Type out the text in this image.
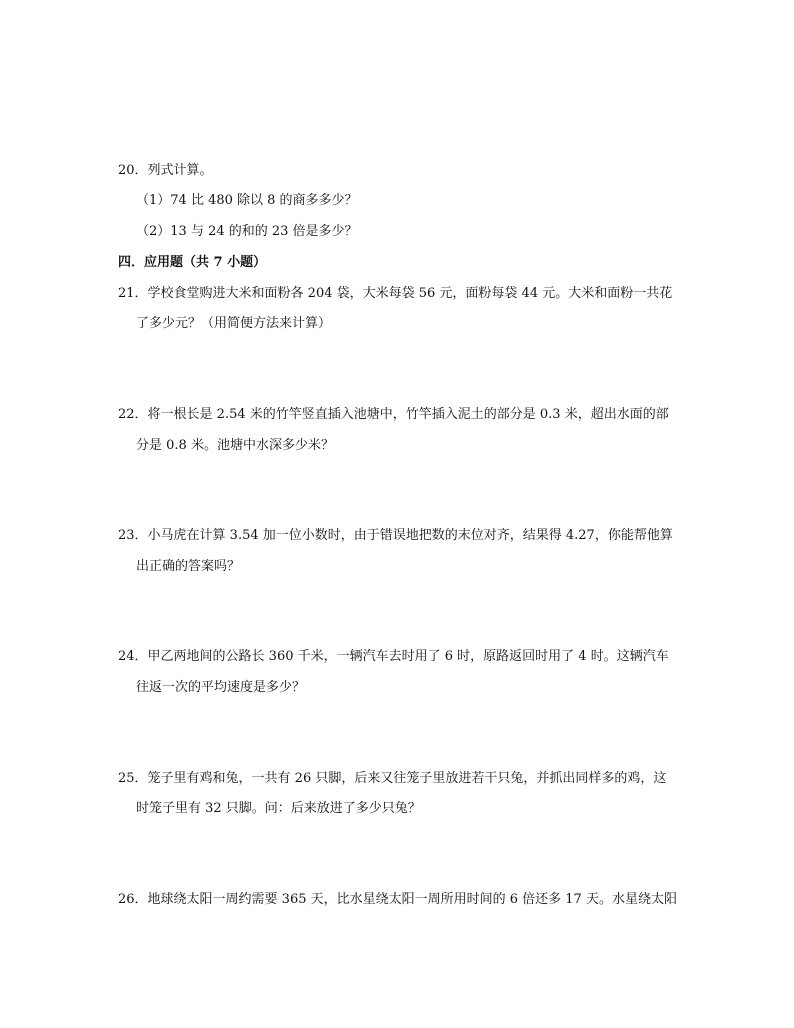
20．列式计算。
（1）74 比 480 除以 8 的商多多少？
（2）13 与 24 的和的 23 倍是多少？
四．应用题（共 7 小题）
21．学校食堂购进大米和面粉各 204 袋，大米每袋 56 元，面粉每袋 44 元。大米和面粉一共花
了多少元？（用简便方法来计算）
22．将一根长是 2.54 米的竹竿竖直插入池塘中，竹竿插入泥土的部分是 0.3 米，超出水面的部
分是 0.8 米。池塘中水深多少米？
23．小马虎在计算 3.54 加一位小数时，由于错误地把数的末位对齐，结果得 4.27，你能帮他算
出正确的答案吗？
24．甲乙两地间的公路长 360 千米，一辆汽车去时用了 6 时，原路返回时用了 4 时。这辆汽车
往返一次的平均速度是多少？
25．笼子里有鸡和兔，一共有 26 只脚，后来又往笼子里放进若干只兔，并抓出同样多的鸡，这
时笼子里有 32 只脚。问：后来放进了多少只兔？
26．地球绕太阳一周约需要 365 天，比水星绕太阳一周所用时间的 6 倍还多 17 天。水星绕太阳
